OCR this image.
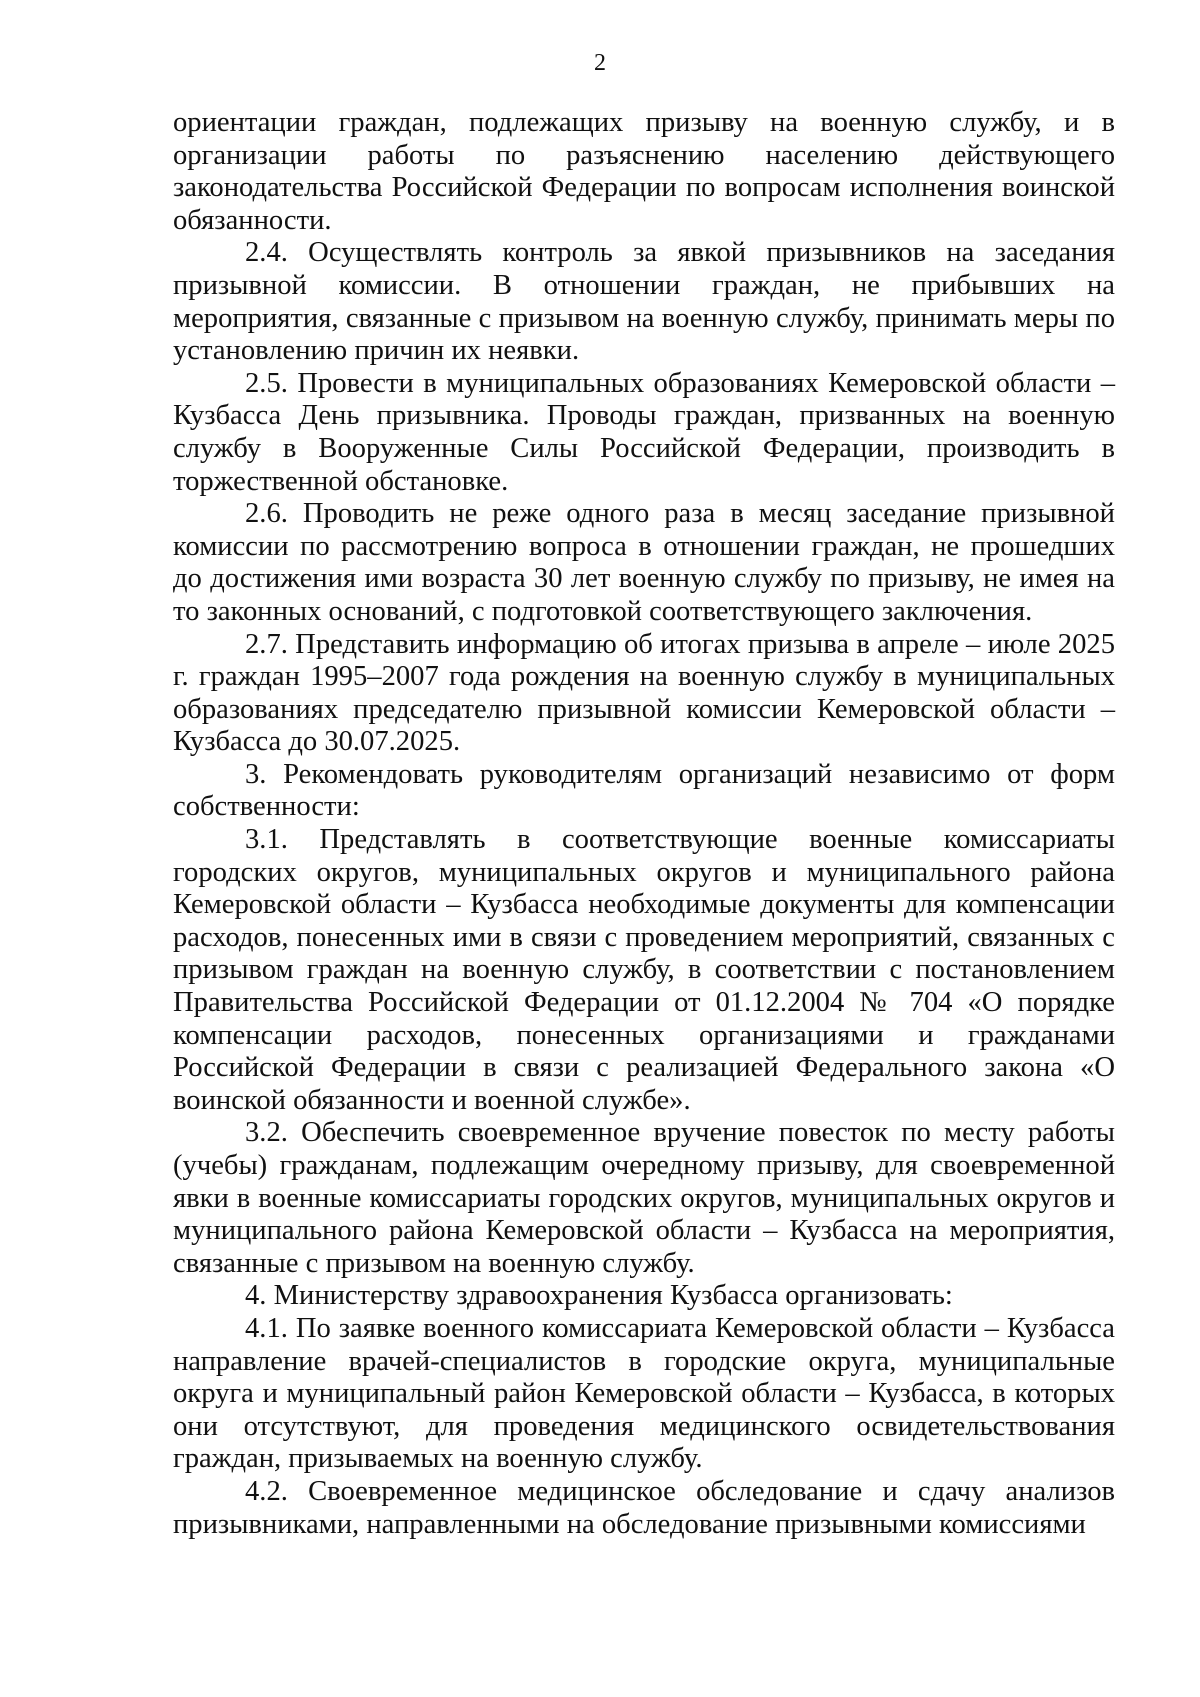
2

ориентации граждан, подлежащих призыву на военную службу, и в организации работы по разъяснению населению действующего законодательства Российской Федерации по вопросам исполнения воинской обязанности.

2.4. Осуществлять контроль за явкой призывников на заседания призывной комиссии. В отношении граждан, не прибывших на мероприятия, связанные с призывом на военную службу, принимать меры по установлению причин их неявки.

2.5. Провести в муниципальных образованиях Кемеровской области – Кузбасса День призывника. Проводы граждан, призванных на военную службу в Вооруженные Силы Российской Федерации, производить в торжественной обстановке.

2.6. Проводить не реже одного раза в месяц заседание призывной комиссии по рассмотрению вопроса в отношении граждан, не прошедших до достижения ими возраста 30 лет военную службу по призыву, не имея на то законных оснований, с подготовкой соответствующего заключения.

2.7. Представить информацию об итогах призыва в апреле – июле 2025 г. граждан 1995–2007 года рождения на военную службу в муниципальных образованиях председателю призывной комиссии Кемеровской области – Кузбасса до 30.07.2025.

3. Рекомендовать руководителям организаций независимо от форм собственности:

3.1. Представлять в соответствующие военные комиссариаты городских округов, муниципальных округов и муниципального района Кемеровской области – Кузбасса необходимые документы для компенсации расходов, понесенных ими в связи с проведением мероприятий, связанных с призывом граждан на военную службу, в соответствии с постановлением Правительства Российской Федерации от 01.12.2004 № 704 «О порядке компенсации расходов, понесенных организациями и гражданами Российской Федерации в связи с реализацией Федерального закона «О воинской обязанности и военной службе».

3.2. Обеспечить своевременное вручение повесток по месту работы (учебы) гражданам, подлежащим очередному призыву, для своевременной явки в военные комиссариаты городских округов, муниципальных округов и муниципального района Кемеровской области – Кузбасса на мероприятия, связанные с призывом на военную службу.

4. Министерству здравоохранения Кузбасса организовать:

4.1. По заявке военного комиссариата Кемеровской области – Кузбасса направление врачей-специалистов в городские округа, муниципальные округа и муниципальный район Кемеровской области – Кузбасса, в которых они отсутствуют, для проведения медицинского освидетельствования граждан, призываемых на военную службу.

4.2. Своевременное медицинское обследование и сдачу анализов призывниками, направленными на обследование призывными комиссиями
